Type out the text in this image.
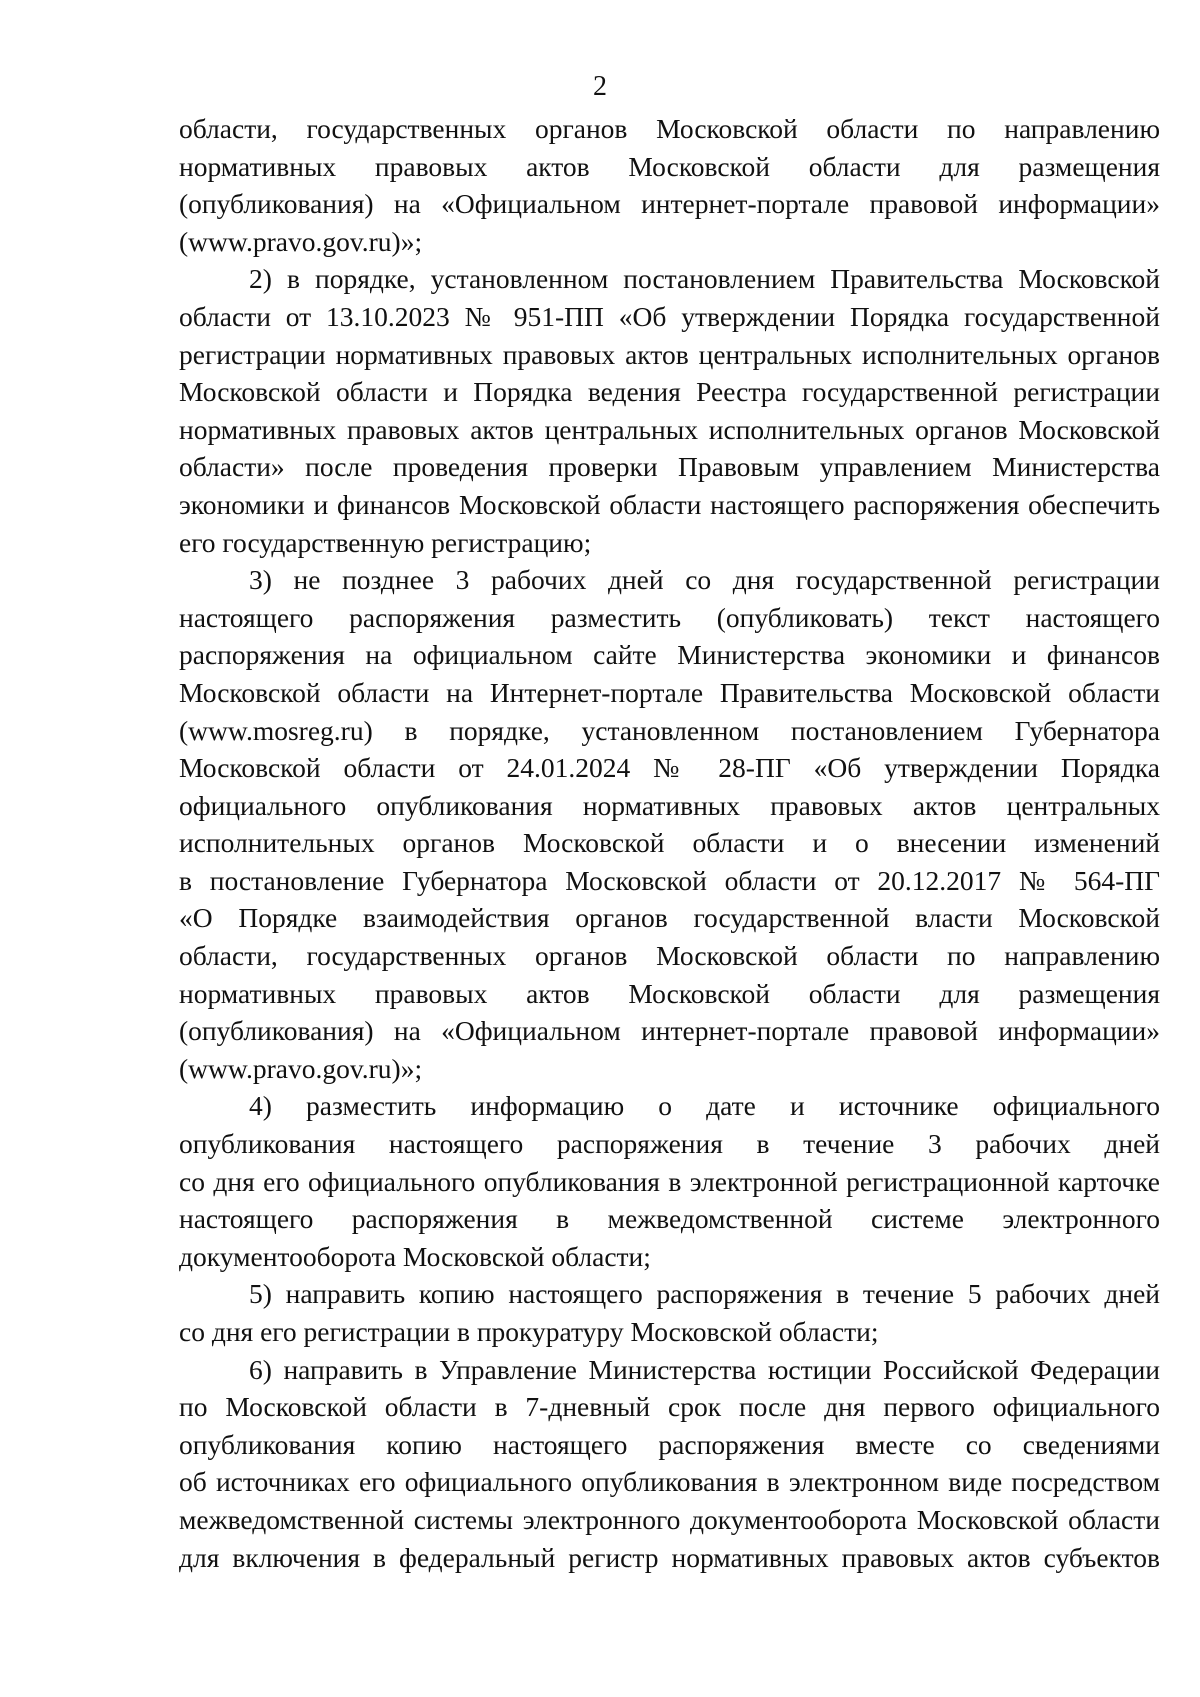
2
области, государственных органов Московской области по направлению
нормативных правовых актов Московской области для размещения
(опубликования) на «Официальном интернет-портале правовой информации»
(www.pravo.gov.ru)»;
2) в порядке, установленном постановлением Правительства Московской
области от 13.10.2023 № 951-ПП «Об утверждении Порядка государственной
регистрации нормативных правовых актов центральных исполнительных органов
Московской области и Порядка ведения Реестра государственной регистрации
нормативных правовых актов центральных исполнительных органов Московской
области» после проведения проверки Правовым управлением Министерства
экономики и финансов Московской области настоящего распоряжения обеспечить
его государственную регистрацию;
3) не позднее 3 рабочих дней со дня государственной регистрации
настоящего распоряжения разместить (опубликовать) текст настоящего
распоряжения на официальном сайте Министерства экономики и финансов
Московской области на Интернет-портале Правительства Московской области
(www.mosreg.ru) в порядке, установленном постановлением Губернатора
Московской области от 24.01.2024 № 28-ПГ «Об утверждении Порядка
официального опубликования нормативных правовых актов центральных
исполнительных органов Московской области и о внесении изменений
в постановление Губернатора Московской области от 20.12.2017 № 564-ПГ
«О Порядке взаимодействия органов государственной власти Московской
области, государственных органов Московской области по направлению
нормативных правовых актов Московской области для размещения
(опубликования) на «Официальном интернет-портале правовой информации»
(www.pravo.gov.ru)»;
4) разместить информацию о дате и источнике официального
опубликования настоящего распоряжения в течение 3 рабочих дней
со дня его официального опубликования в электронной регистрационной карточке
настоящего распоряжения в межведомственной системе электронного
документооборота Московской области;
5) направить копию настоящего распоряжения в течение 5 рабочих дней
со дня его регистрации в прокуратуру Московской области;
6) направить в Управление Министерства юстиции Российской Федерации
по Московской области в 7-дневный срок после дня первого официального
опубликования копию настоящего распоряжения вместе со сведениями
об источниках его официального опубликования в электронном виде посредством
межведомственной системы электронного документооборота Московской области
для включения в федеральный регистр нормативных правовых актов субъектов
